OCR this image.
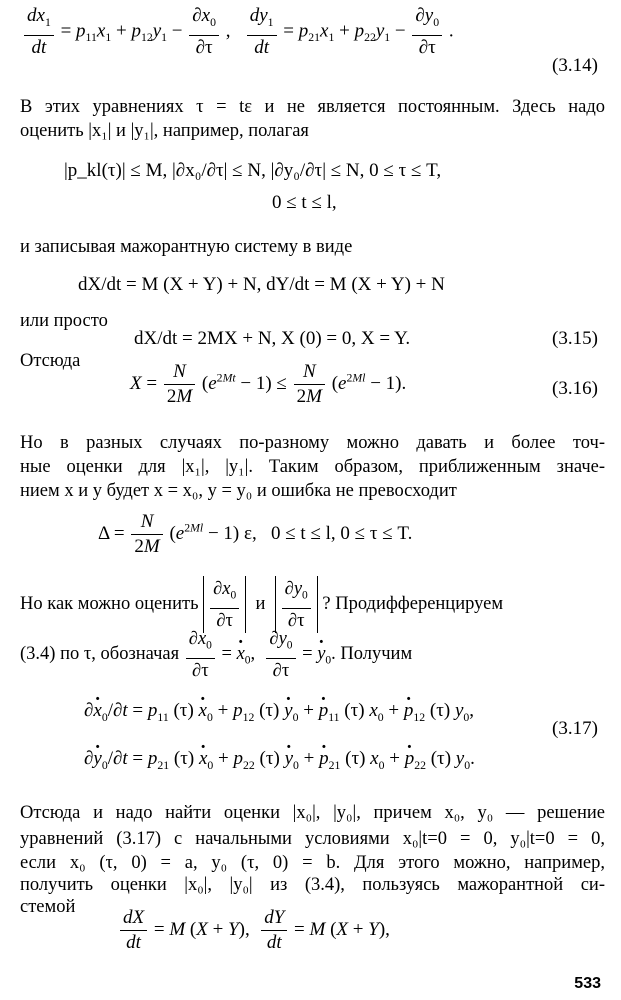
$\frac{dx_1}{dt} = p_{11}x_1 + p_{12}y_1 - \frac{\partial x_0}{\partial\tau}$ , $\frac{dy_1}{dt} = p_{21}x_1 + p_{22}y_1 - \frac{\partial y_0}{\partial\tau}$ .
(3.14)
В этих уравнениях τ = tε и не является постоянным. Здесь надо
оценить |x₁| и |y₁|, например, полагая
|p_kl(τ)| ≤ M, |∂x₀/∂τ| ≤ N, |∂y₀/∂τ| ≤ N, 0 ≤ τ ≤ T,
0 ≤ t ≤ l,
и записывая мажорантную систему в виде
dX/dt = M (X + Y) + N, dY/dt = M (X + Y) + N
или просто
dX/dt = 2MX + N, X (0) = 0, X = Y.	(3.15)
Отсюда
$X = \frac{N}{2M} (e^{2Mt} - 1) \le \frac{N}{2M} (e^{2Ml} - 1)$.	(3.16)
Но в разных случаях по-разному можно давать и более точ-
ные оценки для |x₁|, |y₁|. Таким образом, приближенным значе-
нием x и y будет x = x₀, y = y₀ и ошибка не превосходит
$\Delta = \frac{N}{2M} (e^{2Ml} - 1)$ ε,   0 ≤ t ≤ l, 0 ≤ τ ≤ T.
Но как можно оценить $\frac{\partial x_0}{\partial\tau}$ и $\frac{\partial y_0}{\partial\tau}$ ? Продифференцируем
(3.4) по τ, обозначая $\frac{\partial x_0}{\partial\tau}$ = · $x_0$, $\frac{\partial y_0}{\partial\tau}$ = · $y_0$. Получим
∂· $x_0/\partial t = p_{11}$ $(\tau) \cdot x_0 + p_{12}$ $(\tau) \cdot y_0$ + · $p_{11}$ (τ) $x_0$ + · $p_{12}$ (τ) $y_0$,
(3.17)
∂· $y_0/\partial t = p_{21}$ $(\tau) \cdot x_0 + p_{22}$ $(\tau) \cdot y_0$ + · $p_{21}$ (τ) $x_0$ + · $p_{22}$ (τ) $y_0$.
Отсюда и надо найти оценки |x₀|, |y₀|, причем x₀, y₀ — решение
уравнений (3.17) с начальными условиями x₀|t=0 = 0, y₀|t=0 = 0,
если x₀ (τ, 0) = a, y₀ (τ, 0) = b. Для этого можно, например,
получить оценки |x₀|, |y₀| из (3.4), пользуясь мажорантной си-
стемой	$\frac{dX}{dt} = M$ (X + Y), $\frac{dY}{dt} = M$ (X + Y),
533
